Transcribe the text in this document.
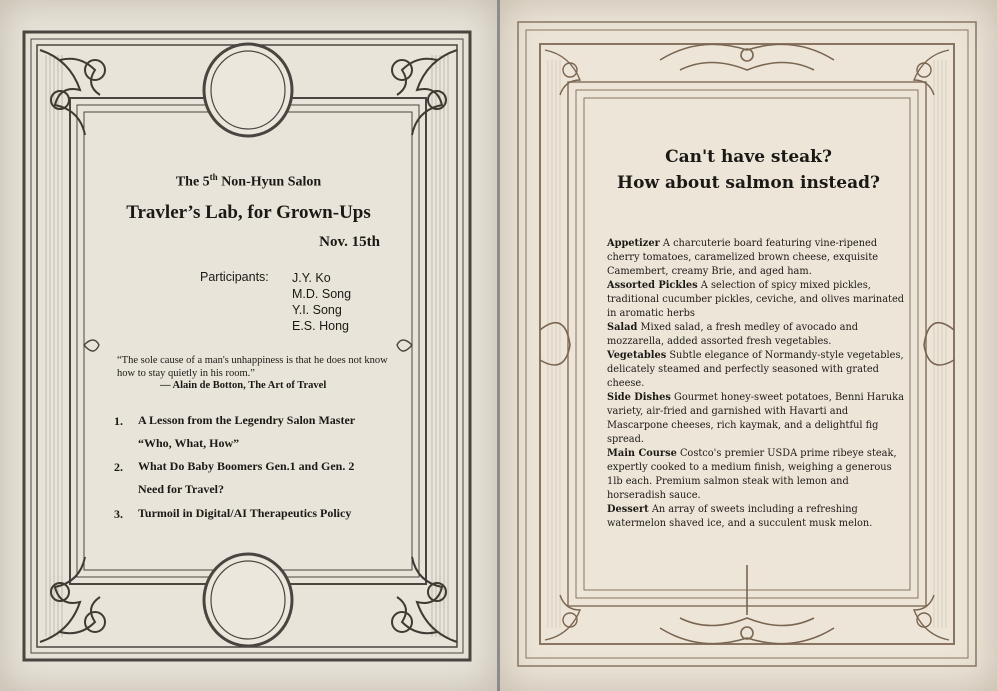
The 5th Non-Hyun Salon
Travler’s Lab, for Grown-Ups
Nov. 15th
Participants: J.Y. Ko
M.D. Song
Y.I. Song
E.S. Hong
“The sole cause of a man's unhappiness is that he does not know how to stay quietly in his room.”
— Alain de Botton, The Art of Travel
1. A Lesson from the Legendry Salon Master
“Who, What, How”
2. What Do Baby Boomers Gen.1 and Gen. 2
Need for Travel?
3. Turmoil in Digital/AI Therapeutics Policy
Can't have steak?
How about salmon instead?

Appetizer A charcuterie board featuring vine-ripened cherry tomatoes, caramelized brown cheese, exquisite Camembert, creamy Brie, and aged ham.

Assorted Pickles A selection of spicy mixed pickles, traditional cucumber pickles, ceviche, and olives marinated in aromatic herbs

Salad Mixed salad, a fresh medley of avocado and mozzarella, added assorted fresh vegetables.

Vegetables Subtle elegance of Normandy-style vegetables, delicately steamed and perfectly seasoned with grated cheese.

Side Dishes Gourmet honey-sweet potatoes, Benni Haruka variety, air-fried and garnished with Havarti and Mascarpone cheeses, rich kaymak, and a delightful fig spread.

Main Course Costco's premier USDA prime ribeye steak, expertly cooked to a medium finish, weighing a generous 1lb each. Premium salmon steak with lemon and horseradish sauce.

Dessert An array of sweets including a refreshing watermelon shaved ice, and a succulent musk melon.
